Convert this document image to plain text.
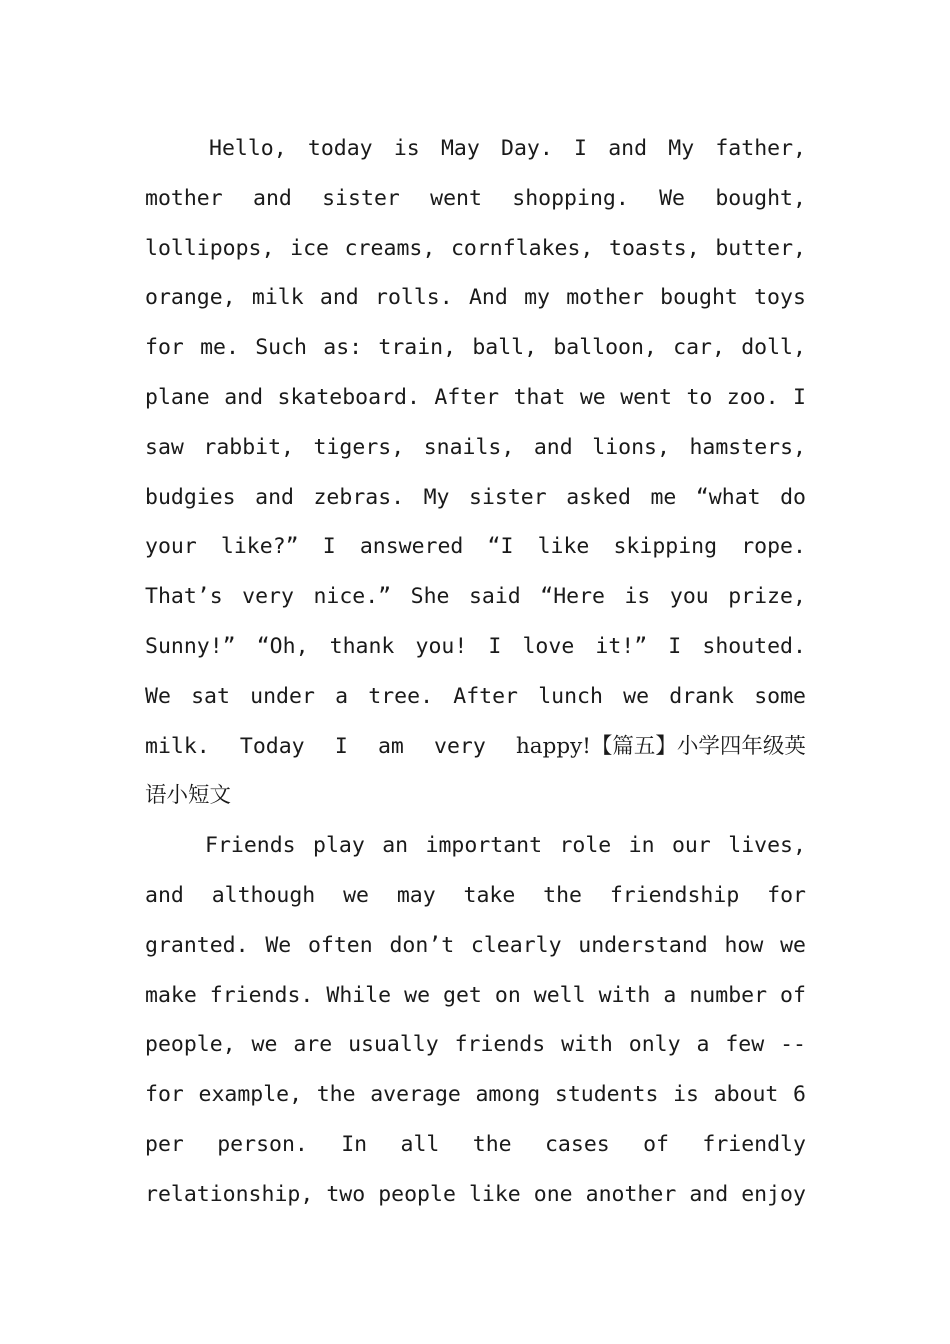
Hello, today is May Day. I and My father,
mother and sister went shopping. We bought,
lollipops, ice creams, cornflakes, toasts, butter,
orange, milk and rolls. And my mother bought toys
for me. Such as: train, ball, balloon, car, doll,
plane and skateboard. After that we went to zoo. I
saw rabbit, tigers, snails, and lions, hamsters,
budgies and zebras. My sister asked me “what do
your like?” I answered “I like skipping rope.
That’s very nice.” She said “Here is you prize,
Sunny!” “Oh, thank you! I love it!” I shouted.
We sat under a tree. After lunch we drank some
milk. Today I am very happy!【篇五】小学四年级英
语小短文
Friends play an important role in our lives,
and although we may take the friendship for
granted. We often don’t clearly understand how we
make friends. While we get on well with a number of
people, we are usually friends with only a few --
for example, the average among students is about 6
per person. In all the cases of friendly
relationship, two people like one another and enjoy
